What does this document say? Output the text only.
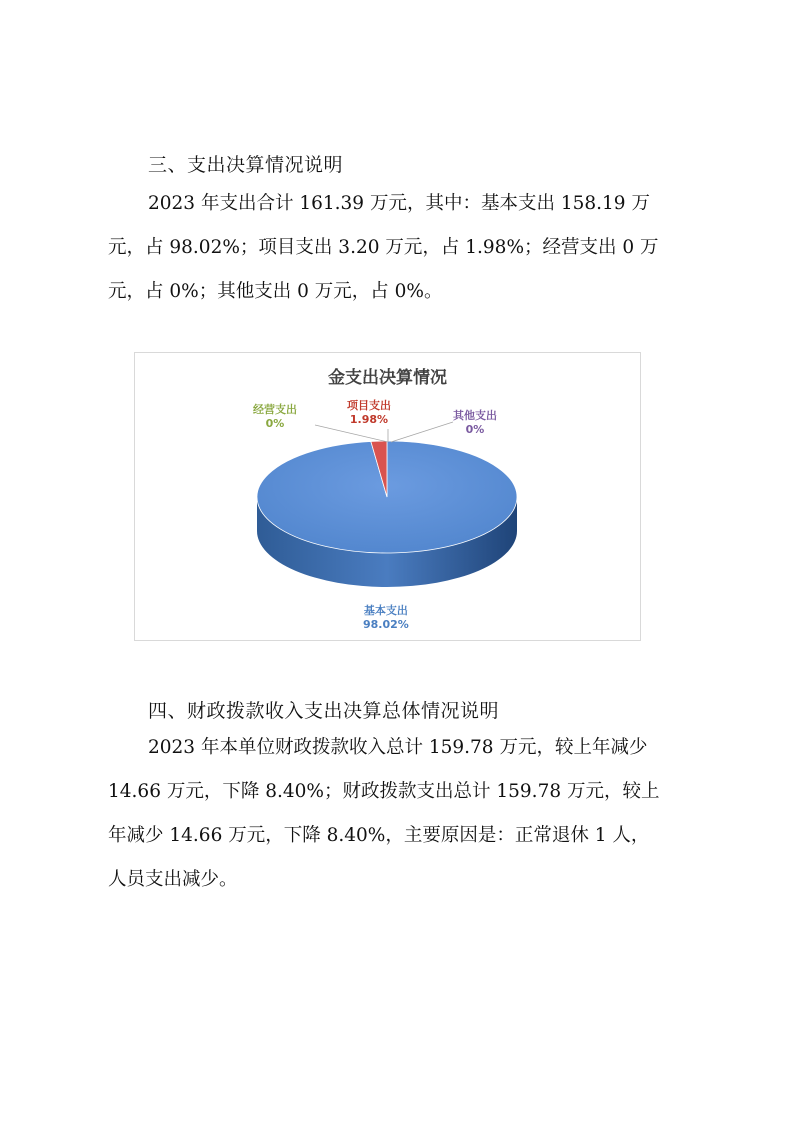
三、支出决算情况说明
2023 年支出合计 161.39 万元，其中：基本支出 158.19 万
元，占 98.02%；项目支出 3.20 万元，占 1.98%；经营支出 0 万
元，占 0%；其他支出 0 万元，占 0%。
金支出决算情况
经营支出
0%
项目支出
1.98%	其他支出
0%
基本支出
98.02%
四、财政拨款收入支出决算总体情况说明
2023 年本单位财政拨款收入总计 159.78 万元，较上年减少
14.66 万元，下降 8.40%；财政拨款支出总计 159.78 万元，较上
年减少 14.66 万元，下降 8.40%，主要原因是：正常退休 1 人，
人员支出减少。
